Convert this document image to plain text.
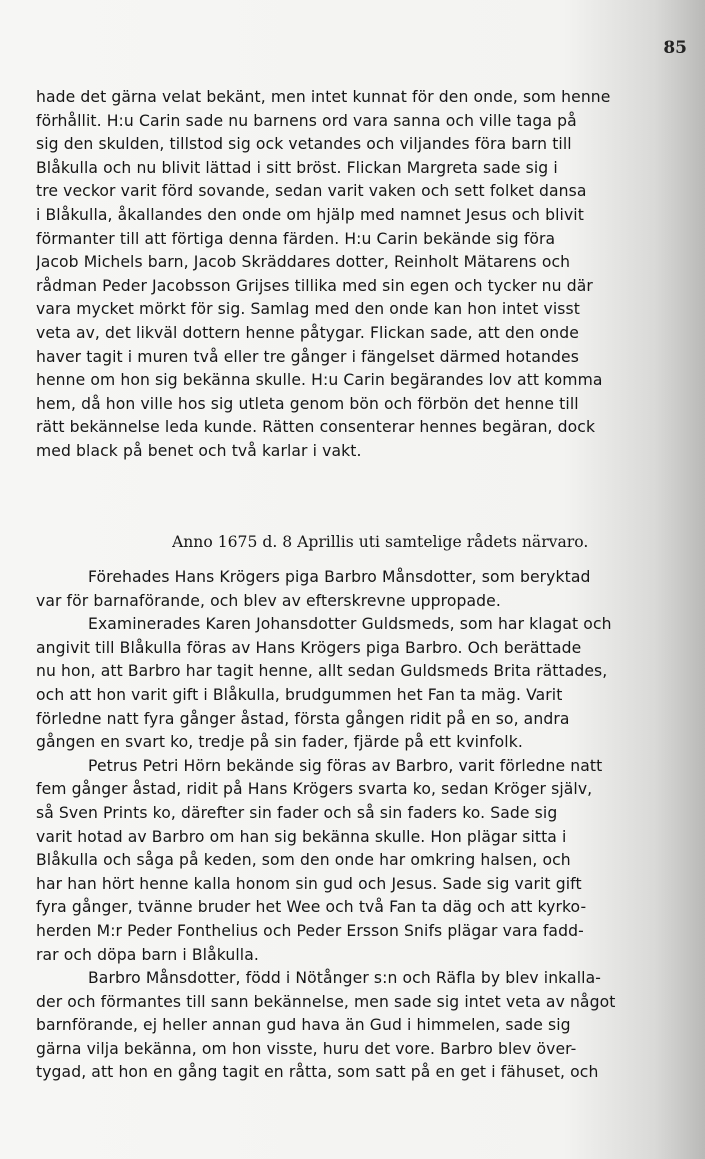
85
hade det gärna velat bekänt, men intet kunnat för den onde, som henne
förhållit. H:u Carin sade nu barnens ord vara sanna och ville taga på
sig den skulden, tillstod sig ock vetandes och viljandes föra barn till
Blåkulla och nu blivit lättad i sitt bröst. Flickan Margreta sade sig i
tre veckor varit förd sovande, sedan varit vaken och sett folket dansa
i Blåkulla, åkallandes den onde om hjälp med namnet Jesus och blivit
förmanter till att förtiga denna färden. H:u Carin bekände sig föra
Jacob Michels barn, Jacob Skräddares dotter, Reinholt Mätarens och
rådman Peder Jacobsson Grijses tillika med sin egen och tycker nu där
vara mycket mörkt för sig. Samlag med den onde kan hon intet visst
veta av, det likväl dottern henne påtygar. Flickan sade, att den onde
haver tagit i muren två eller tre gånger i fängelset därmed hotandes
henne om hon sig bekänna skulle. H:u Carin begärandes lov att komma
hem, då hon ville hos sig utleta genom bön och förbön det henne till
rätt bekännelse leda kunde. Rätten consenterar hennes begäran, dock
med black på benet och två karlar i vakt.
Anno 1675 d. 8 Aprillis uti samtelige rådets närvaro.
Förehades Hans Krögers piga Barbro Månsdotter, som beryktad
var för barnaförande, och blev av efterskrevne uppropade.
Examinerades Karen Johansdotter Guldsmeds, som har klagat och
angivit till Blåkulla föras av Hans Krögers piga Barbro. Och berättade
nu hon, att Barbro har tagit henne, allt sedan Guldsmeds Brita rättades,
och att hon varit gift i Blåkulla, brudgummen het Fan ta mäg. Varit
förledne natt fyra gånger åstad, första gången ridit på en so, andra
gången en svart ko, tredje på sin fader, fjärde på ett kvinfolk.
Petrus Petri Hörn bekände sig föras av Barbro, varit förledne natt
fem gånger åstad, ridit på Hans Krögers svarta ko, sedan Kröger själv,
så Sven Prints ko, därefter sin fader och så sin faders ko. Sade sig
varit hotad av Barbro om han sig bekänna skulle. Hon plägar sitta i
Blåkulla och såga på keden, som den onde har omkring halsen, och
har han hört henne kalla honom sin gud och Jesus. Sade sig varit gift
fyra gånger, tvänne bruder het Wee och två Fan ta däg och att kyrko-
herden M:r Peder Fonthelius och Peder Ersson Snifs plägar vara fadd-
rar och döpa barn i Blåkulla.
Barbro Månsdotter, född i Nötånger s:n och Räfla by blev inkalla-
der och förmantes till sann bekännelse, men sade sig intet veta av något
barnförande, ej heller annan gud hava än Gud i himmelen, sade sig
gärna vilja bekänna, om hon visste, huru det vore. Barbro blev över-
tygad, att hon en gång tagit en råtta, som satt på en get i fähuset, och
